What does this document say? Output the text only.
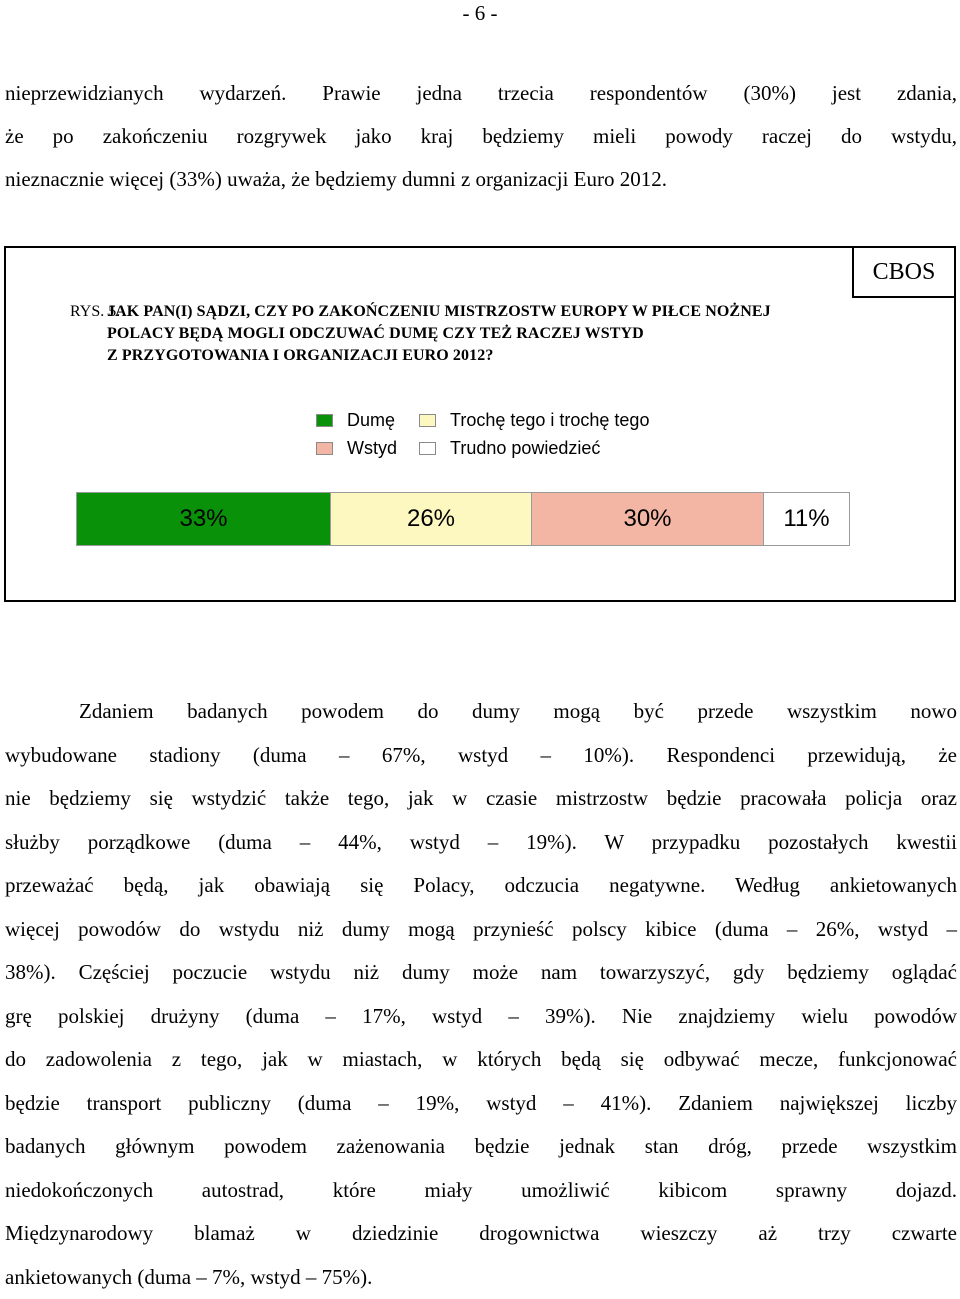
- 6 -
nieprzewidzianych wydarzeń. Prawie jedna trzecia respondentów (30%) jest zdania,
że po zakończeniu rozgrywek jako kraj będziemy mieli powody raczej do wstydu,
nieznacznie więcej (33%) uważa, że będziemy dumni z organizacji Euro 2012.
CBOS
RYS. 5.
JAK PAN(I) SĄDZI, CZY PO ZAKOŃCZENIU MISTRZOSTW EUROPY W PIŁCE NOŻNEJ
POLACY BĘDĄ MOGLI ODCZUWAĆ DUMĘ CZY TEŻ RACZEJ WSTYD
Z PRZYGOTOWANIA I ORGANIZACJI EURO 2012?
Dumę	Trochę tego i trochę tego
Wstyd	Trudno powiedzieć
33%	26%	30%	11%
Zdaniem badanych powodem do dumy mogą być przede wszystkim nowo
wybudowane stadiony (duma – 67%, wstyd – 10%). Respondenci przewidują, że
nie będziemy się wstydzić także tego, jak w czasie mistrzostw będzie pracowała policja oraz
służby porządkowe (duma – 44%, wstyd – 19%). W przypadku pozostałych kwestii
przeważać będą, jak obawiają się Polacy, odczucia negatywne. Według ankietowanych
więcej powodów do wstydu niż dumy mogą przynieść polscy kibice (duma – 26%, wstyd –
38%). Częściej poczucie wstydu niż dumy może nam towarzyszyć, gdy będziemy oglądać
grę polskiej drużyny (duma – 17%, wstyd – 39%). Nie znajdziemy wielu powodów
do zadowolenia z tego, jak w miastach, w których będą się odbywać mecze, funkcjonować
będzie transport publiczny (duma – 19%, wstyd – 41%). Zdaniem największej liczby
badanych głównym powodem zażenowania będzie jednak stan dróg, przede wszystkim
niedokończonych autostrad, które miały umożliwić kibicom sprawny dojazd.
Międzynarodowy blamaż w dziedzinie drogownictwa wieszczy aż trzy czwarte
ankietowanych (duma – 7%, wstyd – 75%).
